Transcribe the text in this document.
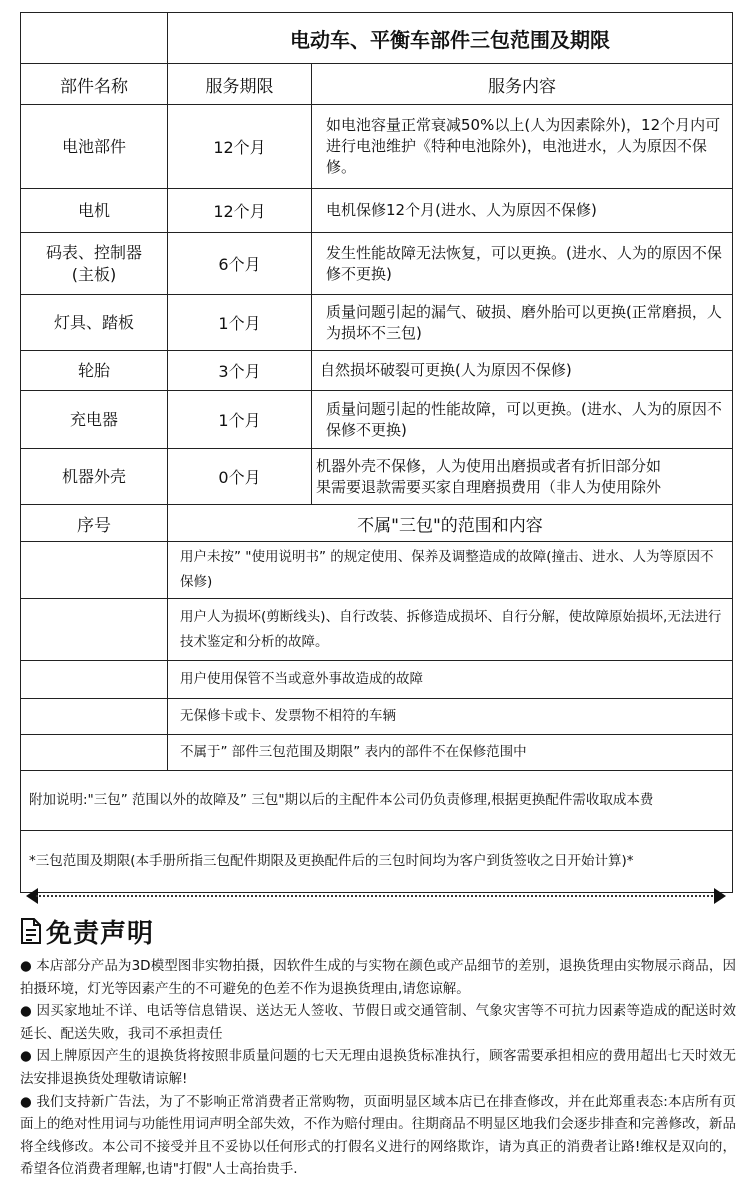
	电动车、平衡车部件三包范围及期限	
部件名称	服务期限	服务内容
电池部件	12个月	如电池容量正常衰减50%以上(人为因素除外)，12个月内可进行电池维护《特种电池除外)，电池进水，人为原因不保修。
电机	12个月	电机保修12个月(进水、人为原因不保修)
码表、控制器(主板)	6个月	发生性能故障无法恢复，可以更换。(进水、人为的原因不保修不更换)
灯具、踏板	1个月	质量问题引起的漏气、破损、磨外胎可以更换(正常磨损，人为损坏不三包)
轮胎	3个月	自然损坏破裂可更换(人为原因不保修)
充电器	1个月	质量问题引起的性能故障，可以更换。(进水、人为的原因不保修不更换)
机器外壳	0个月	机器外壳不保修，人为使用出磨损或者有折旧部分如
果需要退款需要买家自理磨损费用（非人为使用除外

序号	不属"三包"的范围和内容	
	用户未按” "使用说明书” 的规定使用、保养及调整造成的故障(撞击、进水、人为等原因不保修)	
	用户人为损坏(剪断线头)、自行改装、拆修造成损坏、自行分解，使故障原始损坏,无法进行技术鉴定和分析的故障。	
	用户使用保管不当或意外事故造成的故障	
	无保修卡或卡、发票物不相符的车辆	
	不属于” 部件三包范围及期限” 表内的部件不在保修范围中	
附加说明:"三包” 范围以外的故障及” 三包"期以后的主配件本公司仍负责修理,根据更换配件需收取成本费		
*三包范围及期限(本手册所指三包配件期限及更换配件后的三包时间均为客户到货签收之日开始计算)*		
免责声明

● 本店部分产品为3D模型图非实物拍摄，因软件生成的与实物在颜色或产品细节的差别，退换货理由实物展示商品，因拍摄环境，灯光等因素产生的不可避免的色差不作为退换货理由,请您谅解。

● 因买家地址不详、电话等信息错误、送达无人签收、节假日或交通管制、气象灾害等不可抗力因素等造成的配送时效延长、配送失败，我司不承担责任

● 因上牌原因产生的退换货将按照非质量问题的七天无理由退换货标准执行，顾客需要承担相应的费用超出七天时效无法安排退换货处理敬请谅解!

● 我们支持新广告法，为了不影响正常消费者正常购物，页面明显区域本店已在排查修改，并在此郑重表态:本店所有页面上的绝对性用词与功能性用词声明全部失效，不作为赔付理由。往期商品不明显区地我们会逐步排查和完善修改，新品将全线修改。本公司不接受并且不妥协以任何形式的打假名义进行的网络欺诈，请为真正的消费者让路!维权是双向的，希望各位消费者理解,也请"打假"人士高抬贵手.
